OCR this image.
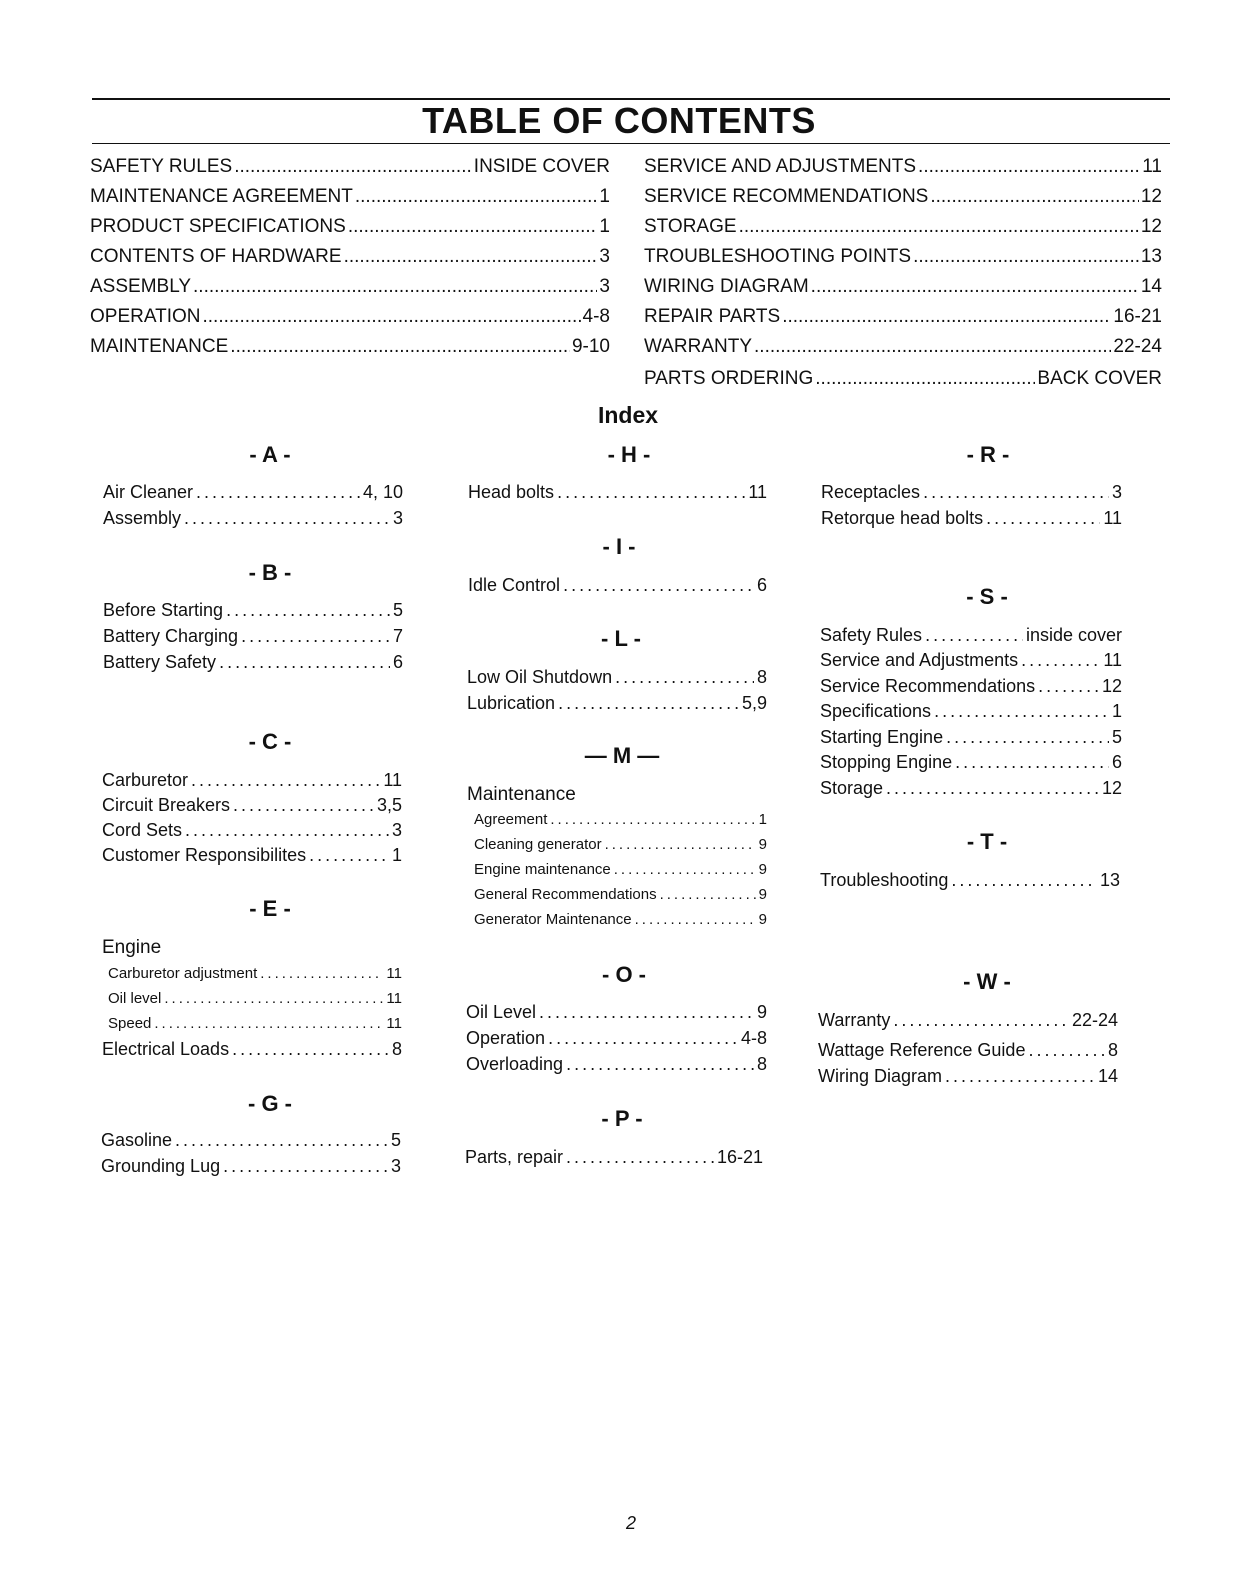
TABLE OF CONTENTS
SAFETY RULES .....	INSIDE COVER
MAINTENANCE AGREEMENT .....	1
PRODUCT SPECIFICATIONS .....	1
CONTENTS OF HARDWARE .....	3
ASSEMBLY .....	3
OPERATION .....	4-8
MAINTENANCE .....	9-10
SERVICE AND ADJUSTMENTS .....	11
SERVICE RECOMMENDATIONS .....	12
STORAGE .....	12
TROUBLESHOOTING POINTS .....	13
WIRING DIAGRAM .....	14
REPAIR PARTS .....	16-21
WARRANTY .....	22-24
PARTS ORDERING .....	BACK COVER
Index
- A -
Air Cleaner .....	4, 10
Assembly .....	3
- B -
Before Starting .....	5
Battery Charging .....	7
Battery Safety .....	6
- C -
Carburetor .....	11
Circuit Breakers .....	3,5
Cord Sets .....	3
Customer Responsibilites .....	1
- E -
Engine
Carburetor adjustment .....	11
Oil level .....	11
Speed .....	11
Electrical Loads .....	8
- G -
Gasoline .....	5
Grounding Lug .....	3
- H -
Head bolts .....	11
- I -
Idle Control .....	6
- L -
Low Oil Shutdown .....	8
Lubrication .....	5,9
— M —
Maintenance
Agreement .....	1
Cleaning generator .....	9
Engine maintenance .....	9
General Recommendations .....	9
Generator Maintenance .....	9
- O -
Oil Level .....	9
Operation .....	4-8
Overloading .....	8
- P -
Parts, repair .....	16-21
- R -
Receptacles .....	3
Retorque head bolts .....	11
- S -
Safety Rules .....	inside cover
Service and Adjustments .....	11
Service Recommendations .....	12
Specifications .....	1
Starting Engine .....	5
Stopping Engine .....	6
Storage .....	12
- T -
Troubleshooting .....	13
- W -
Warranty .....	22-24
Wattage Reference Guide .....	8
Wiring Diagram .....	14
2
